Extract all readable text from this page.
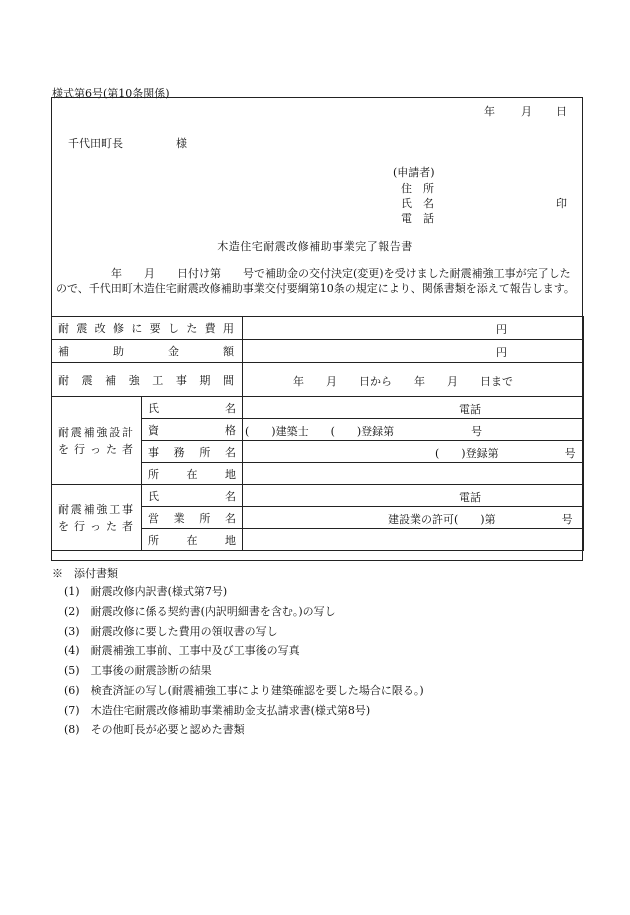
様式第6号(第10条関係)
年 月 日
千代田町長	様
(申請者)
住　所
氏　名	印
電　話
木造住宅耐震改修補助事業完了報告書
　　　　　年　　月　　日付け第　　号で補助金の交付決定(変更)を受けました耐震補強工事が完了したので、千代田町木造住宅耐震改修補助事業交付要綱第10条の規定により、関係書類を添えて報告します。
耐震改修に要した費用		円

補助金額		円

耐震補強工事期間		年　　月　　日から　　年　　月　　日まで

耐震補強設計を行った者	氏名	電話

	資格	(　　)建築士　　(　　)登録第　　　　　　　号

	事務所名	(　　)登録第　　　　　　号

	所在地	
耐震補強工事を行った者	氏名	電話

	営業所名	建設業の許可(　　)第　　　　　　号

	所在地	
※　添付書類
(1)　耐震改修内訳書(様式第7号)
(2)　耐震改修に係る契約書(内訳明細書を含む。)の写し
(3)　耐震改修に要した費用の領収書の写し
(4)　耐震補強工事前、工事中及び工事後の写真
(5)　工事後の耐震診断の結果
(6)　検査済証の写し(耐震補強工事により建築確認を要した場合に限る。)
(7)　木造住宅耐震改修補助事業補助金支払請求書(様式第8号)
(8)　その他町長が必要と認めた書類
